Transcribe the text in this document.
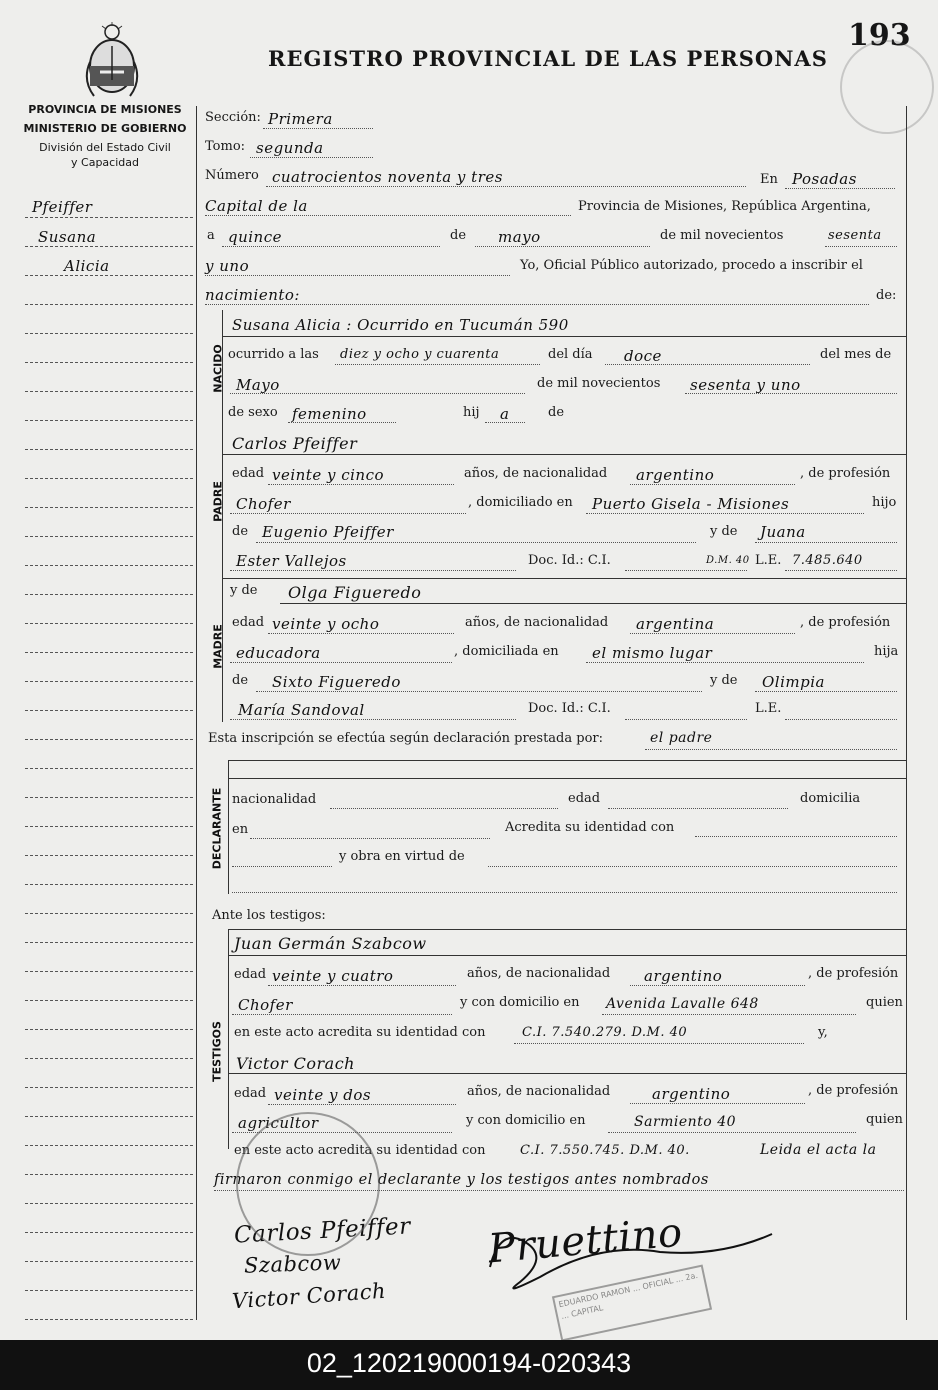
PROVINCIA DE MISIONES
MINISTERIO DE GOBIERNO
División del Estado Civil
y Capacidad
REGISTRO PROVINCIAL DE LAS PERSONAS
193
Pfeiffer
Susana
Alicia
Sección: Primera
Tomo: segunda
Número cuatrocientos noventa y tres	En Posadas
Capital de la	Provincia de Misiones, República Argentina,
a quince	de mayo	de mil novecientos	sesenta
y uno	Yo, Oficial Público autorizado, procedo a inscribir el
nacimiento:	de:
NACIDO
Susana Alicia : Ocurrido en Tucumán 590
ocurrido a las diez y ocho y cuarenta	del día doce	del mes de
Mayo	de mil novecientos sesenta y uno
de sexo femenino	hij a	de
PADRE
Carlos Pfeiffer
edad veinte y cinco	años, de nacionalidad argentino	, de profesión
Chofer	, domiciliado en Puerto Gisela - Misiones	hijo
de Eugenio Pfeiffer	y de Juana
Ester Vallejos	Doc. Id.: C.I.	D.M. 40 L.E. 7.485.640
MADRE
y de Olga Figueredo
edad veinte y ocho	años, de nacionalidad argentina	, de profesión
educadora	, domiciliada en el mismo lugar	hija
de Sixto Figueredo	y de Olimpia
María Sandoval	Doc. Id.: C.I.	L.E.
Esta inscripción se efectúa según declaración prestada por:	el padre
DECLARANTE nacionalidad	edad	domicilia
en	Acredita su identidad con
y obra en virtud de
Ante los testigos:
TESTIGOS
Juan Germán Szabcow
edad veinte y cuatro	años, de nacionalidad argentino	, de profesión
Chofer	y con domicilio en Avenida Lavalle 648	quien
en este acto acredita su identidad con	C.I. 7.540.279. D.M. 40	y,
Victor Corach
edad veinte y dos	años, de nacionalidad	argentino	, de profesión
agricultor	y con domicilio en	Sarmiento 40	quien
en este acto acredita su identidad con	C.I. 7.550.745. D.M. 40.	Leida el acta la
firmaron conmigo el declarante y los testigos antes nombrados
Carlos Pfeiffer
Szabcow
Victor Corach
Pruettino
EDUARDO RAMON ... OFICIAL ... 2a. ... CAPITAL
02_120219000194-020343
